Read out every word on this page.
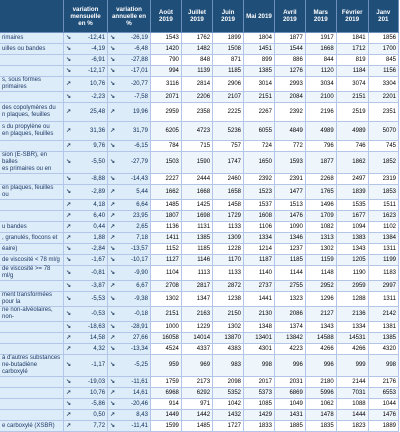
	variation mensuelle en %	variation annuelle en %	Août 2019	Juillet 2019	Juin 2019	Mai 2019	Avril 2019	Mars 2019	Février 2019	Janv 201
rimaires	↘ -12,41	↘ -26,19	1543	1762	1899	1804	1877	1917	1841	1856
uilles ou bandes	↘ -4,19	↘ -6,48	1420	1482	1508	1451	1544	1668	1712	1700

	↘ -6,91	↘ -27,88	790	848	871	899	886	844	819	845

	↘ -12,17	↘ -17,01	994	1139	1185	1385	1276	1120	1184	1156
s, sous formes primaires	↗ 10,76	↘ -20,77	3116	2814	2906	3014	2993	3034	3074	3304

	↘ -2,23	↘ -7,58	2071	2206	2107	2151	2084	2100	2151	2201
des copolymères du
n plaques, feuilles	↗ 25,48	↗ 19,96	2959	2358	2225	2267	2392	2196	2519	2351
s du propylène ou
en plaques, feuilles	↗ 31,36	↗ 31,79	6205	4723	5236	6055	4849	4989	4989	5070

	↗ 9,76	↘ -6,15	784	715	757	724	772	796	746	745
sion (E-SBR), en balles
es primaires ou en	↘ -5,50	↘ -27,79	1503	1590	1747	1650	1593	1877	1862	1852

	↘ -8,88	↘ -14,43	2227	2444	2460	2392	2391	2268	2497	2319
en plaques, feuilles ou	↘ -2,89	↗ 5,44	1662	1668	1658	1523	1477	1765	1839	1853

	↗ 4,18	↗ 6,64	1485	1425	1458	1537	1513	1496	1535	1511

	↗ 6,40	↗ 23,95	1807	1698	1729	1608	1476	1709	1677	1623
u bandes	↗ 0,44	↗ 2,65	1136	1131	1133	1106	1090	1082	1094	1102
, granulés, flocons et	↗ 1,88	↗ 7,18	1411	1385	1309	1334	1346	1313	1383	1384
éaire)	↘ -2,84	↘ -13,57	1152	1185	1228	1214	1237	1302	1343	1311
de viscosité < 78 ml/g	↘ -1,67	↘ -10,17	1127	1146	1170	1187	1185	1159	1205	1199
de viscosité >= 78 ml/g	↘ -0,81	↘ -9,90	1104	1113	1133	1140	1144	1148	1190	1183

	↘ -3,87	↗ 6,67	2708	2817	2872	2737	2755	2952	2959	2997
ment transformées pour la	↘ -5,53	↘ -9,38	1302	1347	1238	1441	1323	1296	1288	1311
ne non-alvéolaires, non-	↘ -0,53	↘ -0,18	2151	2163	2150	2130	2086	2127	2136	2142

	↘ -18,63	↘ -28,91	1000	1229	1302	1348	1374	1343	1334	1381

	↗ 14,58	↗ 27,66	16058	14014	13870	13401	13842	14588	14531	1385

	↗ 4,32	↘ -13,34	4524	4337	4383	4301	4223	4266	4266	4320
à d'autres substances
ne-butadiène carboxylé	↘ -1,17	↘ -5,25	959	969	983	998	996	996	999	998

	↘ -19,03	↘ -11,61	1759	2173	2098	2017	2031	2180	2144	2176

	↗ 10,76	↗ 14,61	6968	6292	5352	5373	6869	5996	7031	6553

	↘ -5,86	↘ -20,46	914	971	1042	1085	1049	1062	1088	1044

	↗ 0,50	↗ 8,43	1449	1442	1432	1429	1431	1478	1444	1476
e carboxylé (XSBR)	↗ 7,72	↘ -11,41	1599	1485	1727	1833	1885	1835	1823	1889
